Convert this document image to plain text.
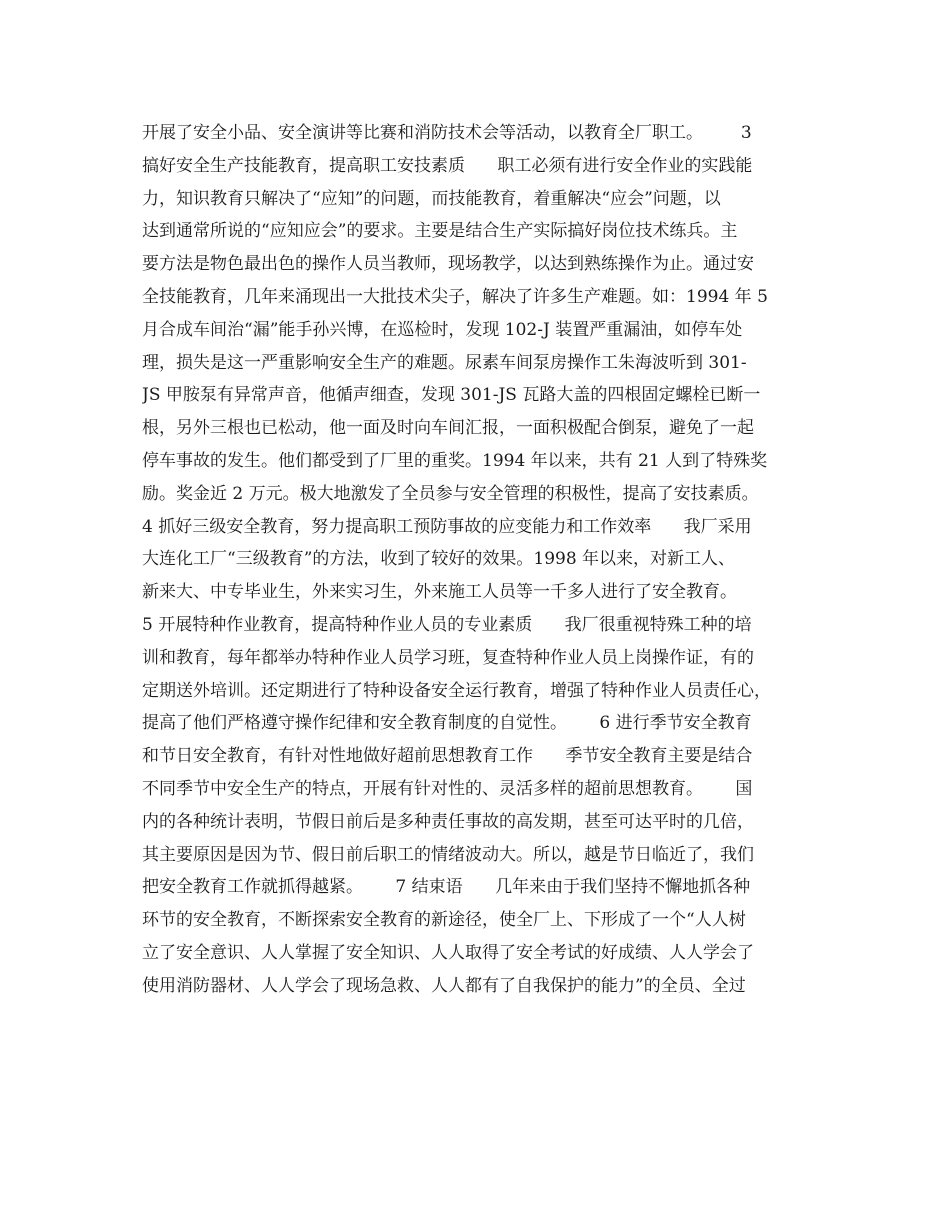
开展了安全小品、安全演讲等比赛和消防技术会等活动，以教育全厂职工。       3
搞好安全生产技能教育，提高职工安技素质      职工必须有进行安全作业的实践能
力，知识教育只解决了“应知”的问题，而技能教育，着重解决“应会”问题，以
达到通常所说的“应知应会”的要求。主要是结合生产实际搞好岗位技术练兵。主
要方法是物色最出色的操作人员当教师，现场教学，以达到熟练操作为止。通过安
全技能教育，几年来涌现出一大批技术尖子，解决了许多生产难题。如：1994 年 5
月合成车间治“漏”能手孙兴博，在巡检时，发现 102-J 装置严重漏油，如停车处
理，损失是这一严重影响安全生产的难题。尿素车间泵房操作工朱海波听到 301-
JS 甲胺泵有异常声音，他循声细查，发现 301-JS 瓦路大盖的四根固定螺栓已断一
根，另外三根也已松动，他一面及时向车间汇报，一面积极配合倒泵，避免了一起
停车事故的发生。他们都受到了厂里的重奖。1994 年以来，共有 21 人到了特殊奖
励。奖金近 2 万元。极大地激发了全员参与安全管理的积极性，提高了安技素质。
4 抓好三级安全教育，努力提高职工预防事故的应变能力和工作效率      我厂采用
大连化工厂“三级教育”的方法，收到了较好的效果。1998 年以来，对新工人、
新来大、中专毕业生，外来实习生，外来施工人员等一千多人进行了安全教育。
5 开展特种作业教育，提高特种作业人员的专业素质      我厂很重视特殊工种的培
训和教育，每年都举办特种作业人员学习班，复查特种作业人员上岗操作证，有的
定期送外培训。还定期进行了特种设备安全运行教育，增强了特种作业人员责任心，
提高了他们严格遵守操作纪律和安全教育制度的自觉性。      6 进行季节安全教育
和节日安全教育，有针对性地做好超前思想教育工作      季节安全教育主要是结合
不同季节中安全生产的特点，开展有针对性的、灵活多样的超前思想教育。      国
内的各种统计表明，节假日前后是多种责任事故的高发期，甚至可达平时的几倍，
其主要原因是因为节、假日前后职工的情绪波动大。所以，越是节日临近了，我们
把安全教育工作就抓得越紧。      7 结束语      几年来由于我们坚持不懈地抓各种
环节的安全教育，不断探索安全教育的新途径，使全厂上、下形成了一个“人人树
立了安全意识、人人掌握了安全知识、人人取得了安全考试的好成绩、人人学会了
使用消防器材、人人学会了现场急救、人人都有了自我保护的能力”的全员、全过
